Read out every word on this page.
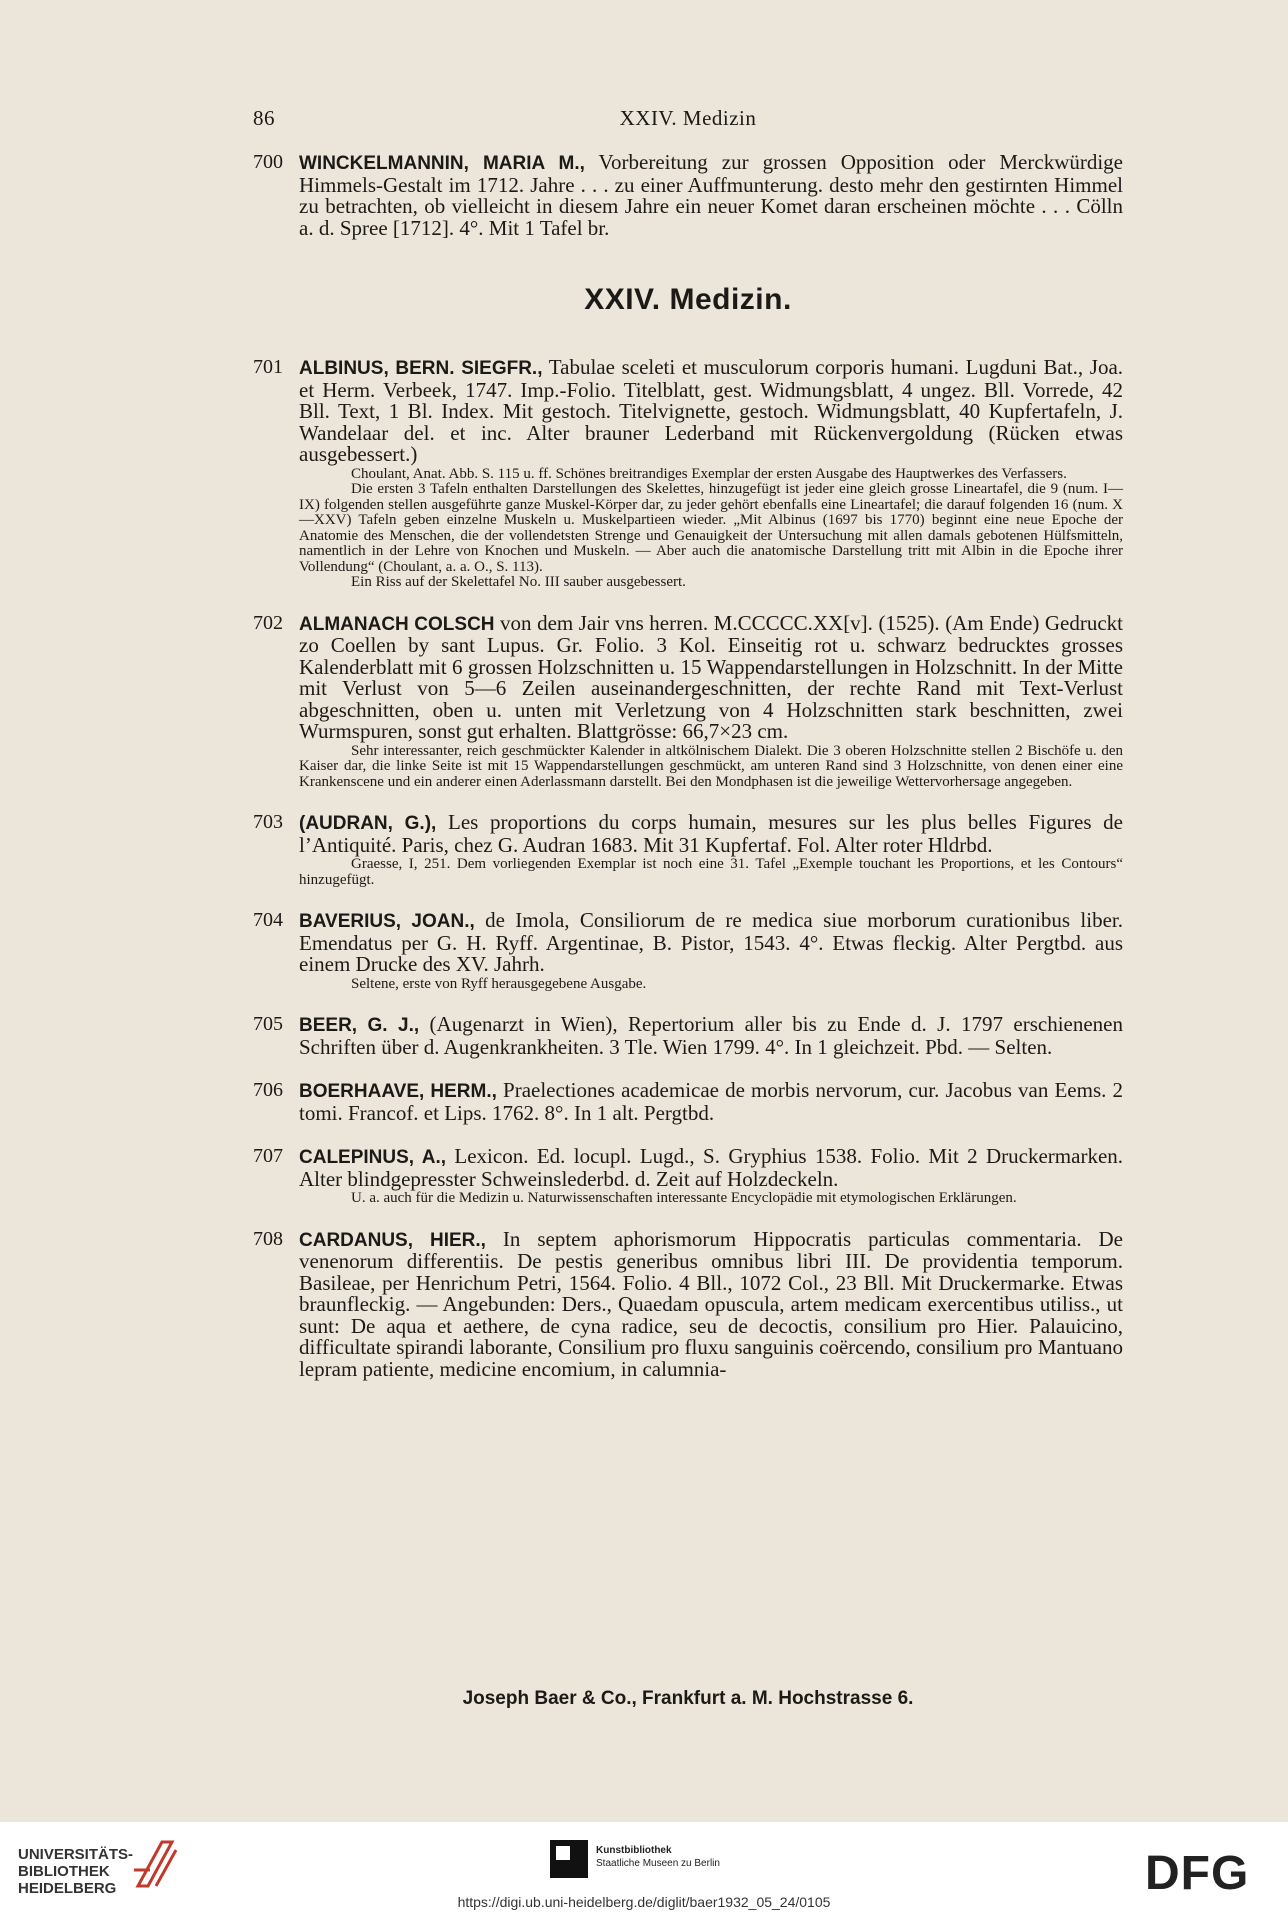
86	XXIV. Medizin
700 WINCKELMANNIN, MARIA M., Vorbereitung zur grossen Opposition oder Merckwürdige Himmels-Gestalt im 1712. Jahre . . . zu einer Auffmunterung. desto mehr den gestirnten Himmel zu betrachten, ob vielleicht in diesem Jahre ein neuer Komet daran erscheinen möchte . . . Cölln a. d. Spree [1712]. 4°. Mit 1 Tafel br.
XXIV. Medizin.
701 ALBINUS, BERN. SIEGFR., Tabulae sceleti et musculorum corporis humani. Lugduni Bat., Joa. et Herm. Verbeek, 1747. Imp.-Folio. Titelblatt, gest. Widmungsblatt, 4 ungez. Bll. Vorrede, 42 Bll. Text, 1 Bl. Index. Mit gestoch. Titelvignette, gestoch. Widmungsblatt, 40 Kupfertafeln, J. Wandelaar del. et inc. Alter brauner Lederband mit Rückenvergoldung (Rücken etwas ausgebessert.)

Choulant, Anat. Abb. S. 115 u. ff. Schönes breitrandiges Exemplar der ersten Ausgabe des Hauptwerkes des Verfassers.

Die ersten 3 Tafeln enthalten Darstellungen des Skelettes, hinzugefügt ist jeder eine gleich grosse Lineartafel, die 9 (num. I—IX) folgenden stellen ausgeführte ganze Muskel-Körper dar, zu jeder gehört ebenfalls eine Lineartafel; die darauf folgenden 16 (num. X—XXV) Tafeln geben einzelne Muskeln u. Muskelpartieen wieder. „Mit Albinus (1697 bis 1770) beginnt eine neue Epoche der Anatomie des Menschen, die der vollendetsten Strenge und Genauigkeit der Untersuchung mit allen damals gebotenen Hülfsmitteln, namentlich in der Lehre von Knochen und Muskeln. — Aber auch die anatomische Darstellung tritt mit Albin in die Epoche ihrer Vollendung“ (Choulant, a. a. O., S. 113).

Ein Riss auf der Skelettafel No. III sauber ausgebessert.

702 ALMANACH COLSCH von dem Jair vns herren. M.CCCCC.XX[v]. (1525). (Am Ende) Gedruckt zo Coellen by sant Lupus. Gr. Folio. 3 Kol. Einseitig rot u. schwarz bedrucktes grosses Kalenderblatt mit 6 grossen Holzschnitten u. 15 Wappendarstellungen in Holzschnitt. In der Mitte mit Verlust von 5—6 Zeilen auseinandergeschnitten, der rechte Rand mit Text-Verlust abgeschnitten, oben u. unten mit Verletzung von 4 Holzschnitten stark beschnitten, zwei Wurmspuren, sonst gut erhalten. Blattgrösse: 66,7×23 cm.

Sehr interessanter, reich geschmückter Kalender in altkölnischem Dialekt. Die 3 oberen Holzschnitte stellen 2 Bischöfe u. den Kaiser dar, die linke Seite ist mit 15 Wappendarstellungen geschmückt, am unteren Rand sind 3 Holzschnitte, von denen einer eine Krankenscene und ein anderer einen Aderlassmann darstellt. Bei den Mondphasen ist die jeweilige Wettervorhersage angegeben.

703 (AUDRAN, G.), Les proportions du corps humain, mesures sur les plus belles Figures de l’Antiquité. Paris, chez G. Audran 1683. Mit 31 Kupfertaf. Fol. Alter roter Hldrbd.

Graesse, I, 251. Dem vorliegenden Exemplar ist noch eine 31. Tafel „Exemple touchant les Proportions, et les Contours“ hinzugefügt.

704 BAVERIUS, JOAN., de Imola, Consiliorum de re medica siue morborum curationibus liber. Emendatus per G. H. Ryff. Argentinae, B. Pistor, 1543. 4°. Etwas fleckig. Alter Pergtbd. aus einem Drucke des XV. Jahrh.

Seltene, erste von Ryff herausgegebene Ausgabe.

705 BEER, G. J., (Augenarzt in Wien), Repertorium aller bis zu Ende d. J. 1797 erschienenen Schriften über d. Augenkrankheiten. 3 Tle. Wien 1799. 4°. In 1 gleichzeit. Pbd. — Selten.
706 BOERHAAVE, HERM., Praelectiones academicae de morbis nervorum, cur. Jacobus van Eems. 2 tomi. Francof. et Lips. 1762. 8°. In 1 alt. Pergtbd.
707 CALEPINUS, A., Lexicon. Ed. locupl. Lugd., S. Gryphius 1538. Folio. Mit 2 Druckermarken. Alter blindgepresster Schweinslederbd. d. Zeit auf Holzdeckeln.

U. a. auch für die Medizin u. Naturwissenschaften interessante Encyclopädie mit etymologischen Erklärungen.

708 CARDANUS, HIER., In septem aphorismorum Hippocratis particulas commentaria. De venenorum differentiis. De pestis generibus omnibus libri III. De providentia temporum. Basileae, per Henrichum Petri, 1564. Folio. 4 Bll., 1072 Col., 23 Bll. Mit Druckermarke. Etwas braunfleckig. — Angebunden: Ders., Quaedam opuscula, artem medicam exercentibus utiliss., ut sunt: De aqua et aethere, de cyna radice, seu de decoctis, consilium pro Hier. Palauicino, difficultate spirandi laborante, Consilium pro fluxu sanguinis coërcendo, consilium pro Mantuano lepram patiente, medicine encomium, in calumnia-
Joseph Baer & Co., Frankfurt a. M. Hochstrasse 6.
UNIVERSITÄTS-
BIBLIOTHEK
HEIDELBERG
Kunstbibliothek
Staatliche Museen zu Berlin	DFG
https://digi.ub.uni-heidelberg.de/diglit/baer1932_05_24/0105
